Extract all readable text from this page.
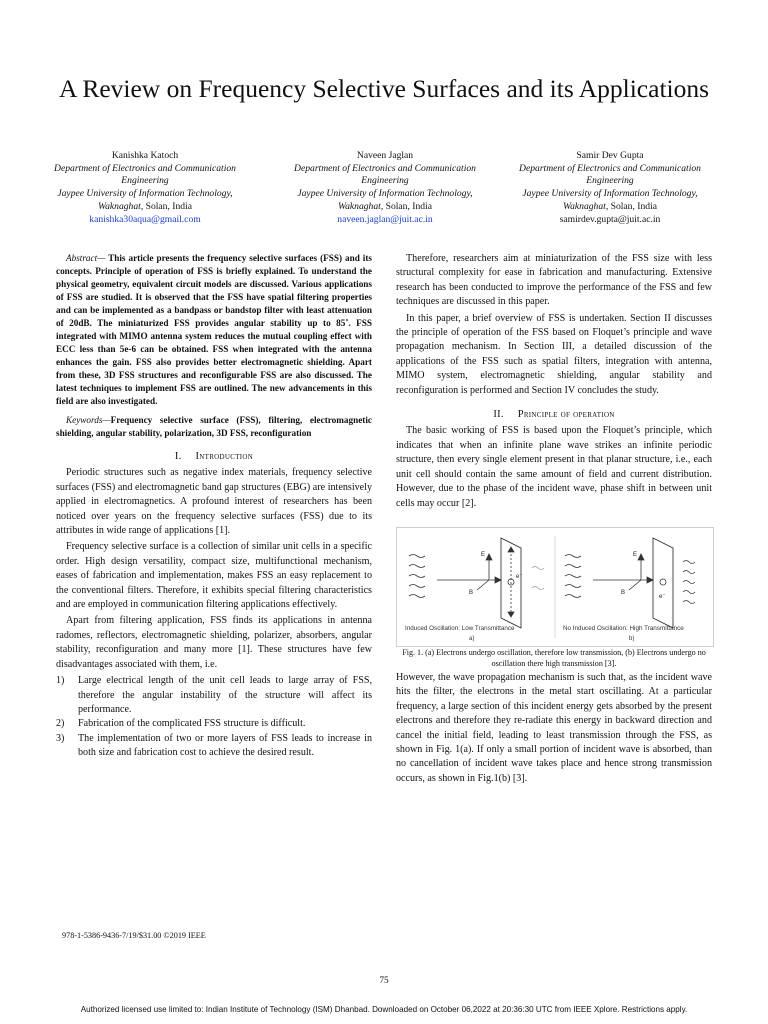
A Review on Frequency Selective Surfaces and its Applications
Kanishka Katoch
Department of Electronics and Communication Engineering
Jaypee University of Information Technology,
Waknaghat, Solan, India
kanishka30aqua@gmail.com
Naveen Jaglan
Department of Electronics and Communication Engineering
Jaypee University of Information Technology,
Waknaghat, Solan, India
naveen.jaglan@juit.ac.in
Samir Dev Gupta
Department of Electronics and Communication Engineering
Jaypee University of Information Technology,
Waknaghat, Solan, India
samirdev.gupta@juit.ac.in

Abstract— This article presents the frequency selective surfaces (FSS) and its concepts. Principle of operation of FSS is briefly explained. To understand the physical geometry, equivalent circuit models are discussed. Various applications of FSS are studied. It is observed that the FSS have spatial filtering properties and can be implemented as a bandpass or bandstop filter with least attenuation of 20dB. The miniaturized FSS provides angular stability up to 85˚. FSS integrated with MIMO antenna system reduces the mutual coupling effect with ECC less than 5e-6 can be obtained. FSS when integrated with the antenna enhances the gain. FSS also provides better electromagnetic shielding. Apart from these, 3D FSS structures and reconfigurable FSS are also discussed. The latest techniques to implement FSS are outlined. The new advancements in this field are also investigated.

Keywords—Frequency selective surface (FSS), filtering, electromagnetic shielding, angular stability, polarization, 3D FSS, reconfiguration

I. Introduction

Periodic structures such as negative index materials, frequency selective surfaces (FSS) and electromagnetic band gap structures (EBG) are intensively applied in electromagnetics. A profound interest of researchers has been noticed over years on the frequency selective surfaces (FSS) due to its attributes in wide range of applications [1].

Frequency selective surface is a collection of similar unit cells in a specific order. High design versatility, compact size, multifunctional mechanism, eases of fabrication and implementation, makes FSS an easy replacement to the conventional filters. Therefore, it exhibits special filtering characteristics and are employed in communication filtering applications effectively.

Apart from filtering application, FSS finds its applications in antenna radomes, reflectors, electromagnetic shielding, polarizer, absorbers, angular stability, reconfiguration and many more [1]. These structures have few disadvantages associated with them, i.e.

1) Large electrical length of the unit cell leads to large array of FSS, therefore the angular instability of the structure will affect its performance.
2) Fabrication of the complicated FSS structure is difficult.
3) The implementation of two or more layers of FSS leads to increase in both size and fabrication cost to achieve the desired result.

Therefore, researchers aim at miniaturization of the FSS size with less structural complexity for ease in fabrication and manufacturing. Extensive research has been conducted to improve the performance of the FSS and few techniques are discussed in this paper.

In this paper, a brief overview of FSS is undertaken. Section II discusses the principle of operation of the FSS based on Floquet’s principle and wave propagation mechanism. In Section III, a detailed discussion of the applications of the FSS such as spatial filters, integration with antenna, MIMO system, electromagnetic shielding, angular stability and reconfiguration is performed and Section IV concludes the study.

II. Principle of operation

The basic working of FSS is based upon the Floquet’s principle, which indicates that when an infinite plane wave strikes an infinite periodic structure, then every single element present in that planar structure, i.e., each unit cell should contain the same amount of field and current distribution. However, due to the phase of the incident wave, phase shift in between unit cells may occur [2].

E
B
e⁻
Induced Oscillation: Low Transmittance
a)
E
B
e⁻
No Induced Oscillation: High Transmittance
b)

Fig. 1. (a) Electrons undergo oscillation, therefore low transmission, (b) Electrons undergo no oscillation there high transmission [3].

However, the wave propagation mechanism is such that, as the incident wave hits the filter, the electrons in the metal start oscillating. At a particular frequency, a large section of this incident energy gets absorbed by the present electrons and therefore they re-radiate this energy in backward direction and cancel the initial field, leading to least transmission through the FSS, as shown in Fig. 1(a). If only a small portion of incident wave is absorbed, than no cancellation of incident wave takes place and hence strong transmission occurs, as shown in Fig.1(b) [3].

978-1-5386-9436-7/19/$31.00 ©2019 IEEE
75
Authorized licensed use limited to: Indian Institute of Technology (ISM) Dhanbad. Downloaded on October 06,2022 at 20:36:30 UTC from IEEE Xplore. Restrictions apply.
